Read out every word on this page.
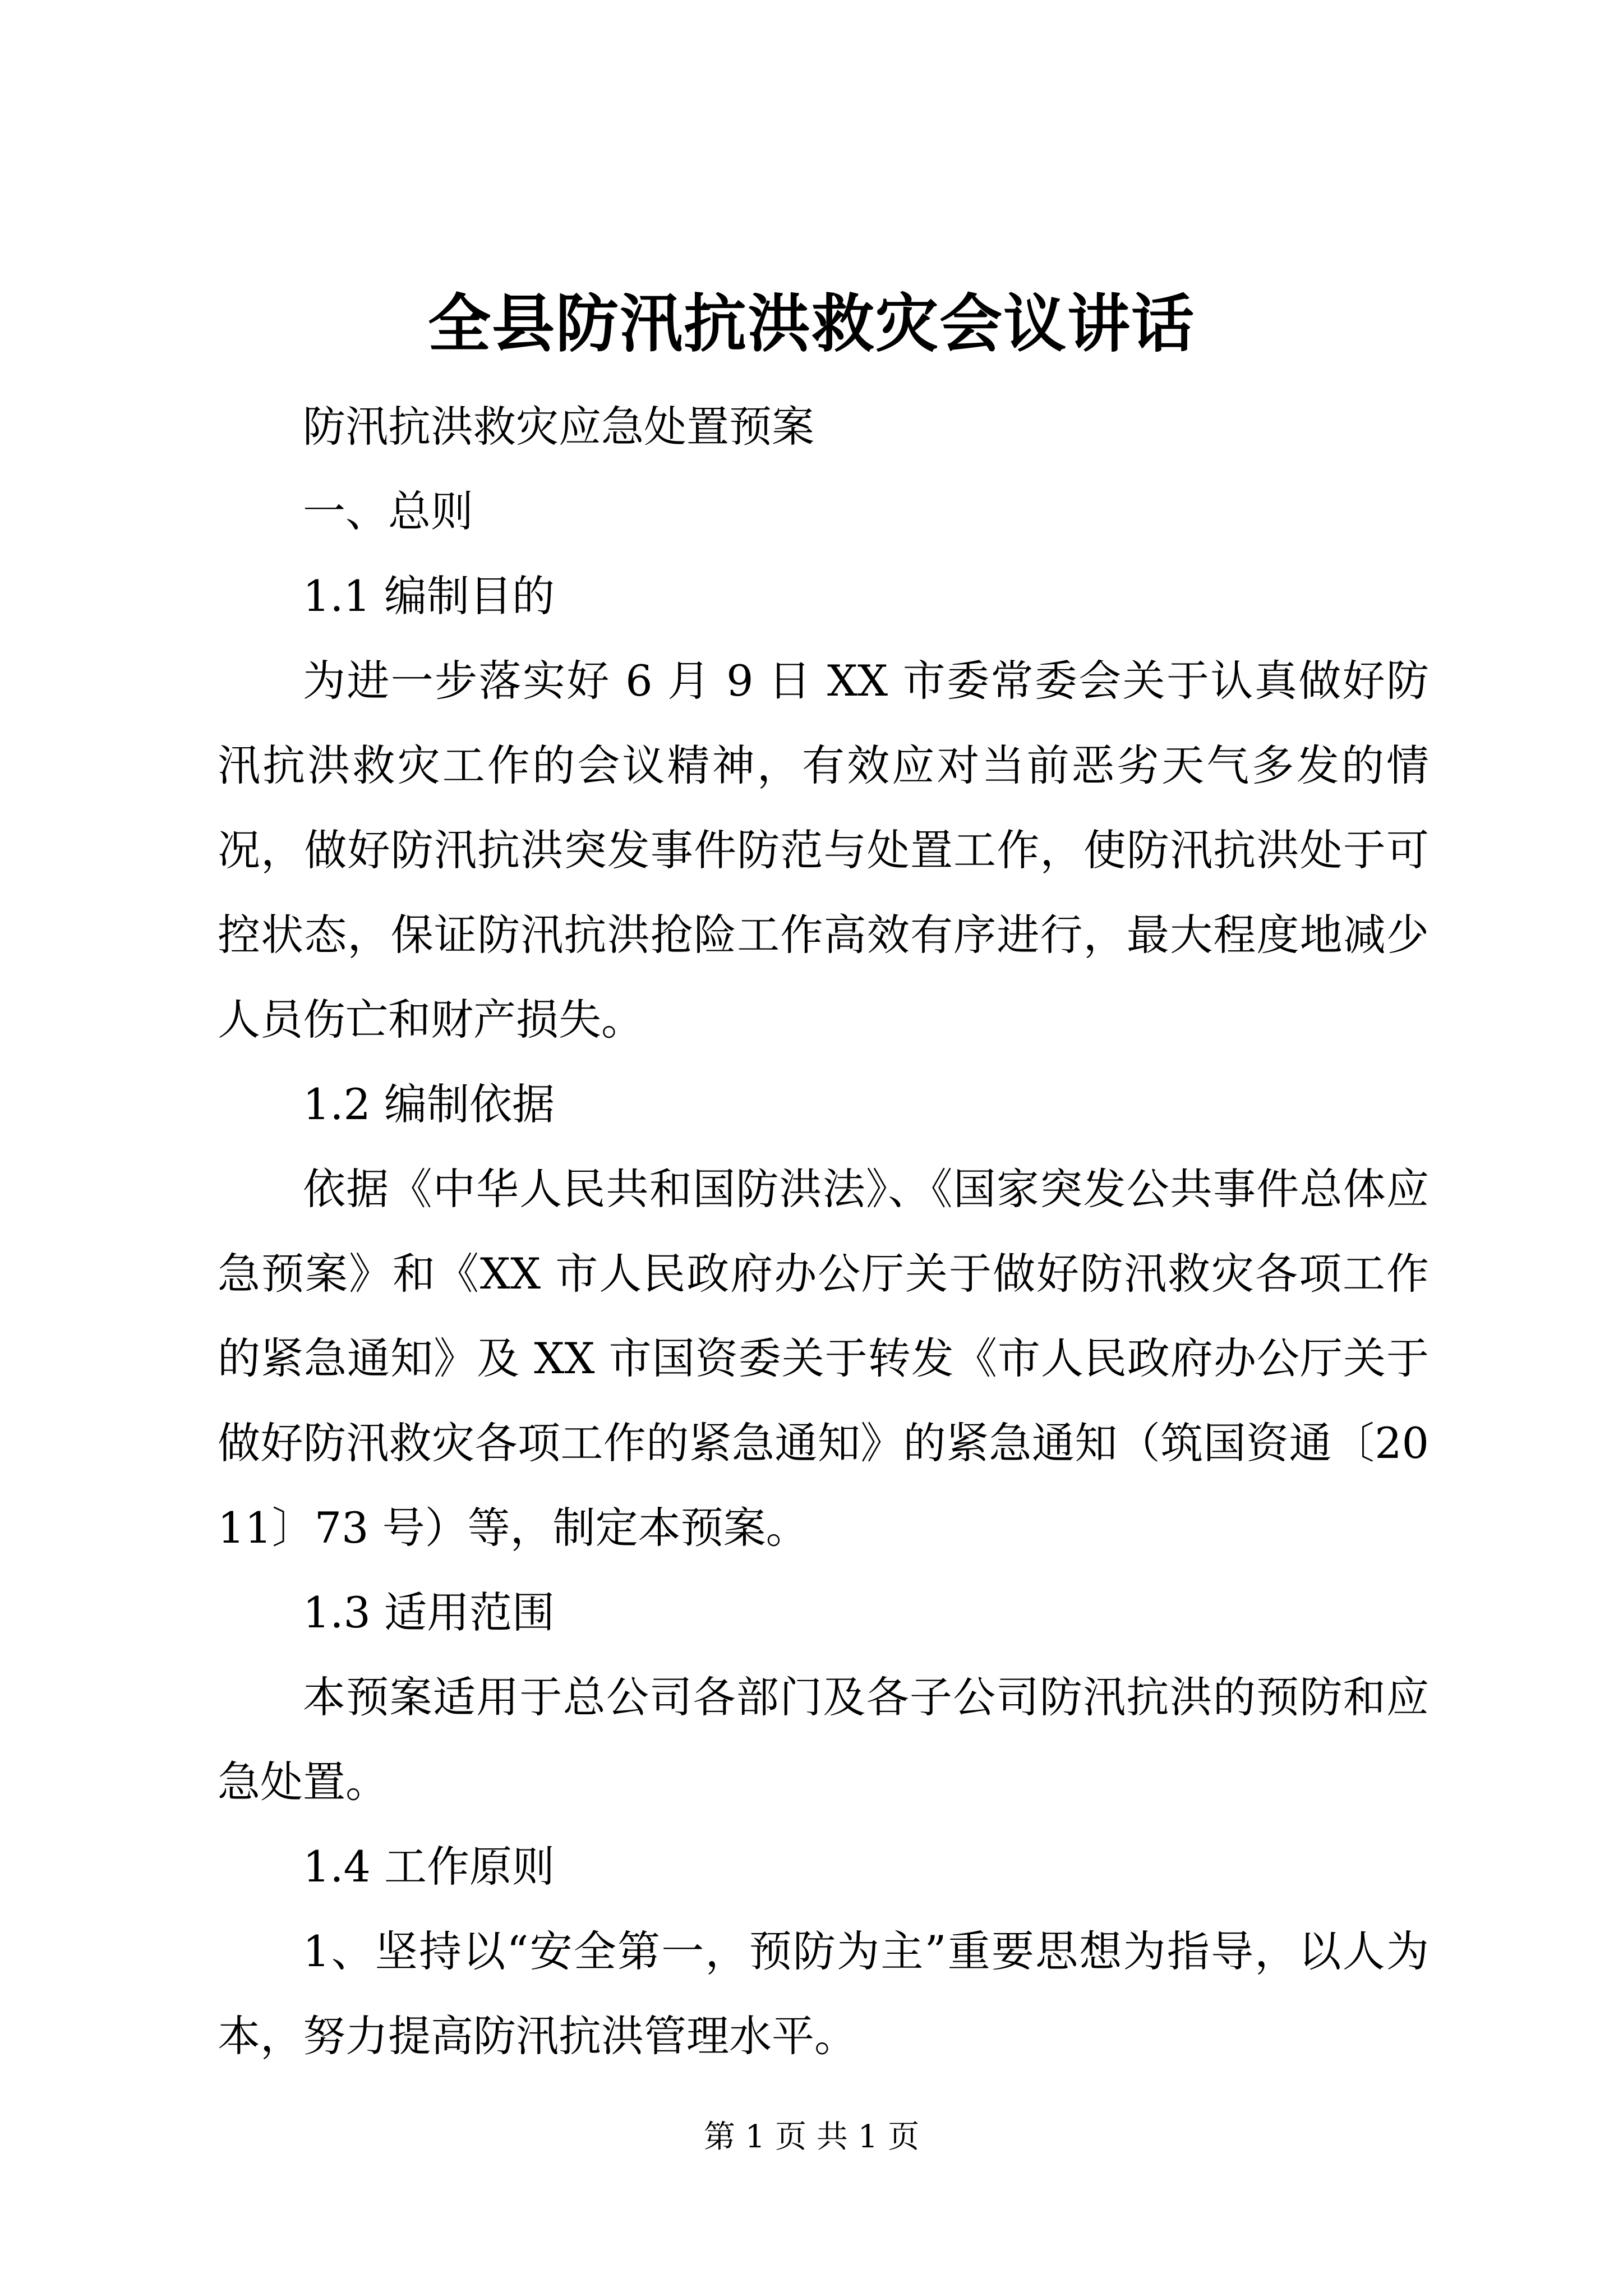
全县防汛抗洪救灾会议讲话

防汛抗洪救灾应急处置预案

一、总则

1.1 编制目的

为进一步落实好 6 月 9 日 XX 市委常委会关于认真做好防汛抗洪救灾工作的会议精神，有效应对当前恶劣天气多发的情况，做好防汛抗洪突发事件防范与处置工作，使防汛抗洪处于可控状态，保证防汛抗洪抢险工作高效有序进行，最大程度地减少人员伤亡和财产损失。

1.2 编制依据

依据《中华人民共和国防洪法》、《国家突发公共事件总体应急预案》和《XX 市人民政府办公厅关于做好防汛救灾各项工作的紧急通知》及 XX 市国资委关于转发《市人民政府办公厅关于做好防汛救灾各项工作的紧急通知》的紧急通知（筑国资通〔2011〕73 号）等，制定本预案。

1.3 适用范围

本预案适用于总公司各部门及各子公司防汛抗洪的预防和应急处置。

1.4 工作原则

1、坚持以“安全第一，预防为主”重要思想为指导，以人为本，努力提高防汛抗洪管理水平。

第 1 页 共 1 页
